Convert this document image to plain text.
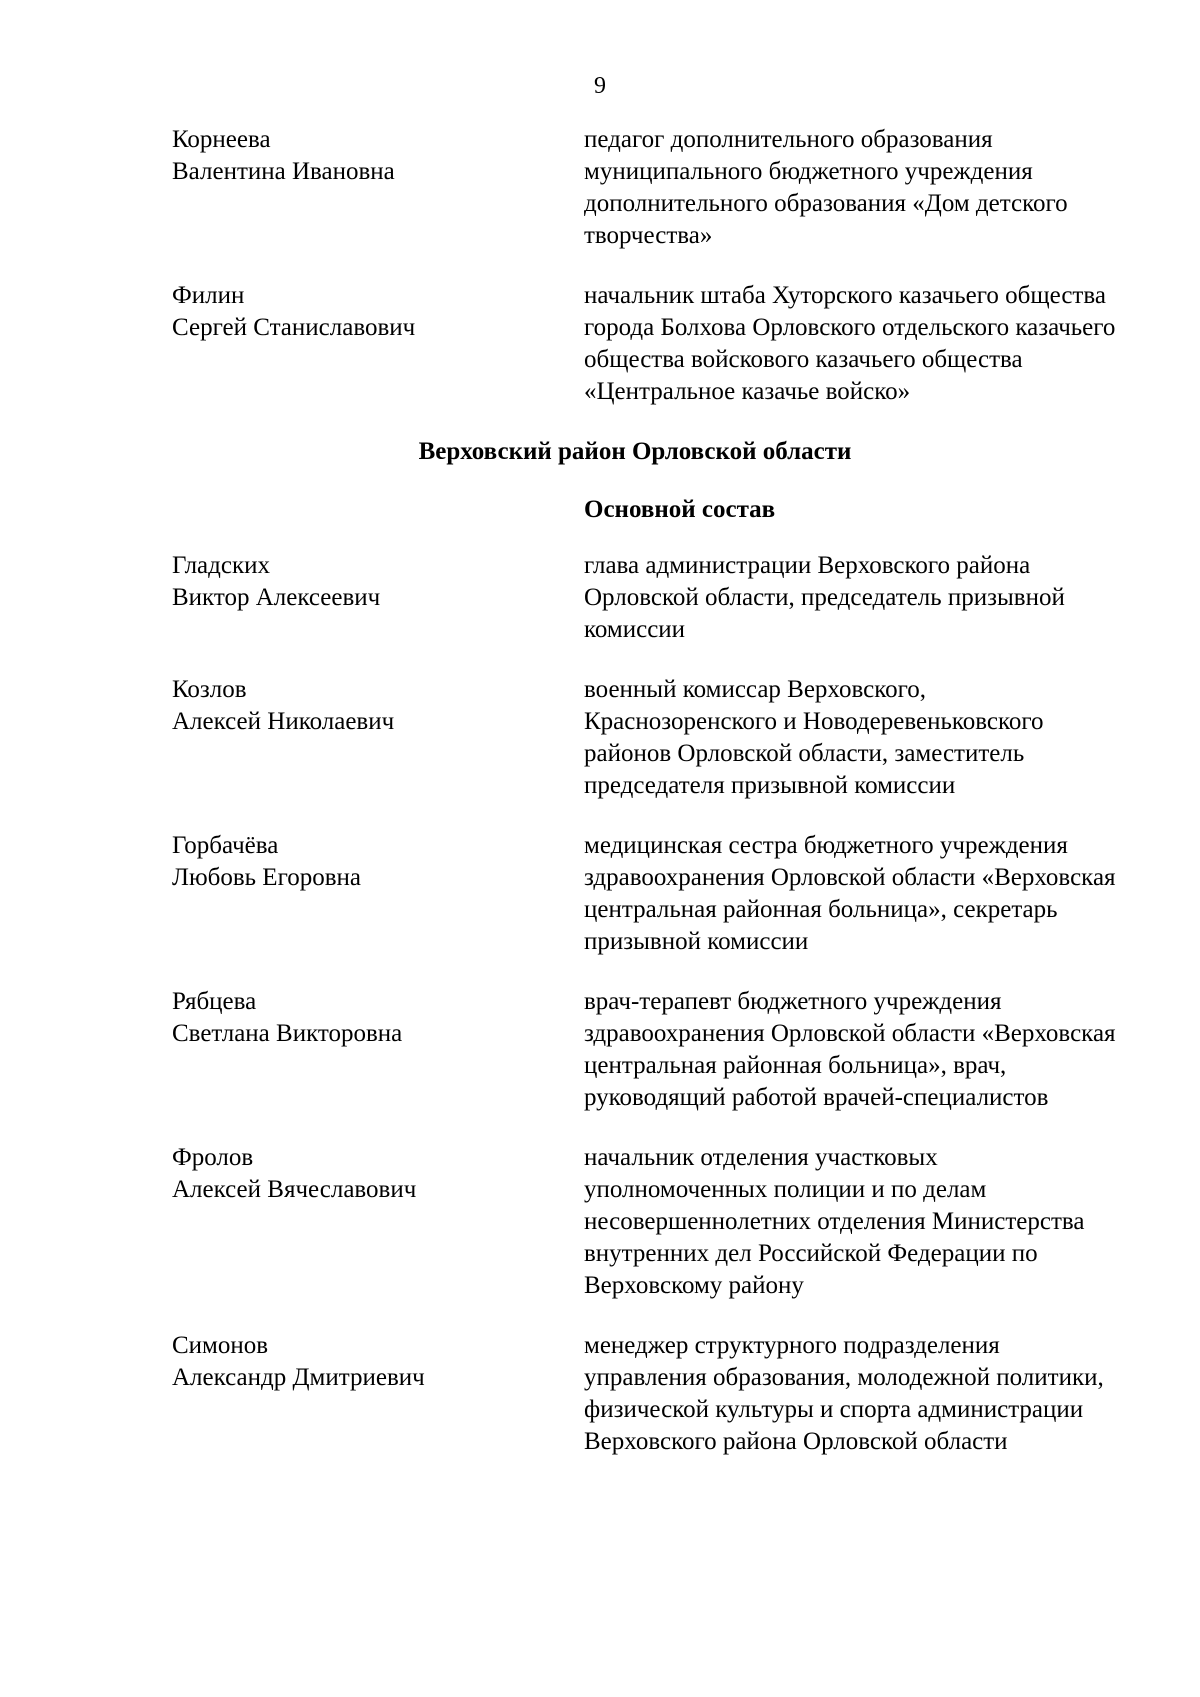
9
Корнеева
Валентина Ивановна
педагог дополнительного образования муниципального бюджетного учреждения дополнительного образования «Дом детского творчества»
Филин
Сергей Станиславович
начальник штаба Хуторского казачьего общества города Болхова Орловского отдельского казачьего общества войскового казачьего общества «Центральное казачье войско»
Верховский район Орловской области
Основной состав
Гладских
Виктор Алексеевич
глава администрации Верховского района Орловской области, председатель призывной комиссии
Козлов
Алексей Николаевич
военный комиссар Верховского, Краснозоренского и Новодеревеньковского районов Орловской области, заместитель председателя призывной комиссии
Горбачёва
Любовь Егоровна
медицинская сестра бюджетного учреждения здравоохранения Орловской области «Верховская центральная районная больница», секретарь призывной комиссии
Рябцева
Светлана Викторовна
врач-терапевт бюджетного учреждения здравоохранения Орловской области «Верховская центральная районная больница», врач, руководящий работой врачей-специалистов
Фролов
Алексей Вячеславович
начальник отделения участковых уполномоченных полиции и по делам несовершеннолетних отделения Министерства внутренних дел Российской Федерации по Верховскому району
Симонов
Александр Дмитриевич
менеджер структурного подразделения управления образования, молодежной политики, физической культуры и спорта администрации Верховского района Орловской области
